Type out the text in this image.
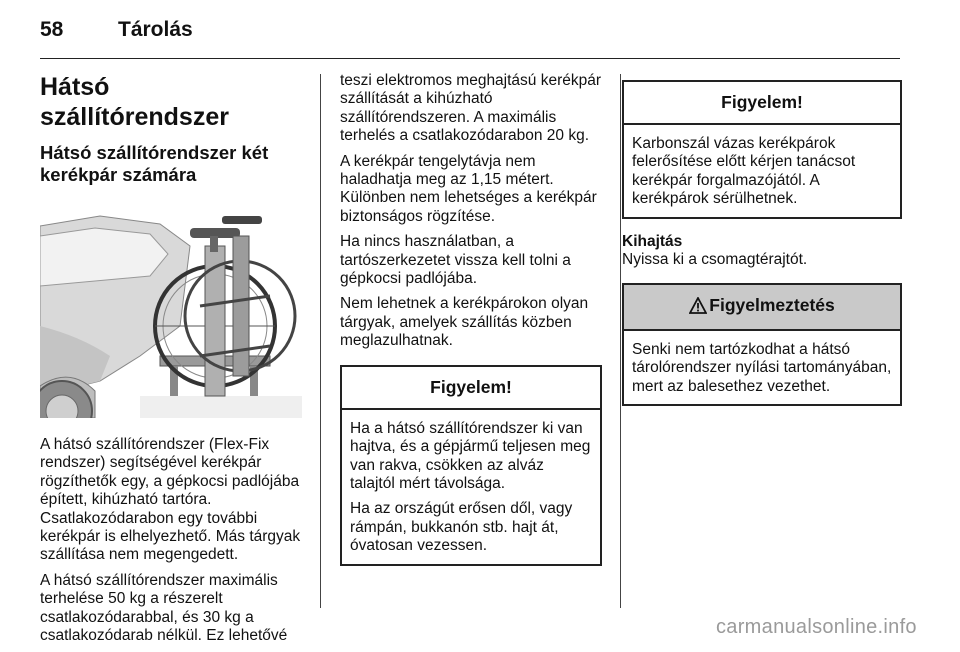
58	Tárolás
Hátsó szállítórendszer
Hátsó szállítórendszer két kerékpár számára

A hátsó szállítórendszer (Flex-Fix rendszer) segítségével kerékpár rögzíthetők egy, a gépkocsi padlójába épített, kihúzható tartóra. Csatlakozódarabon egy további kerékpár is elhelyezhető. Más tárgyak szállítása nem megengedett.

A hátsó szállítórendszer maximális terhelése 50 kg a részerelt csatlakozódarabbal, és 30 kg a csatlakozódarab nélkül. Ez lehetővé

teszi elektromos meghajtású kerékpár szállítását a kihúzható szállítórendszeren. A maximális terhelés a csatlakozódarabon 20 kg.

A kerékpár tengelytávja nem haladhatja meg az 1,15 métert. Különben nem lehetséges a kerékpár biztonságos rögzítése.

Ha nincs használatban, a tartószerkezetet vissza kell tolni a gépkocsi padlójába.

Nem lehetnek a kerékpárokon olyan tárgyak, amelyek szállítás közben meglazulhatnak.

Figyelem!

Ha a hátsó szállítórendszer ki van hajtva, és a gépjármű teljesen meg van rakva, csökken az alváz talajtól mért távolsága.

Ha az országút erősen dől, vagy rámpán, bukkanón stb. hajt át, óvatosan vezessen.

Figyelem!

Karbonszál vázas kerékpárok felerősítése előtt kérjen tanácsot kerékpár forgalmazójától. A kerékpárok sérülhetnek.

Kihajtás

Nyissa ki a csomagtérajtót.

Figyelmeztetés

Senki nem tartózkodhat a hátsó tárolórendszer nyílási tartományában, mert az balesethez vezethet.

carmanualsonline.info
